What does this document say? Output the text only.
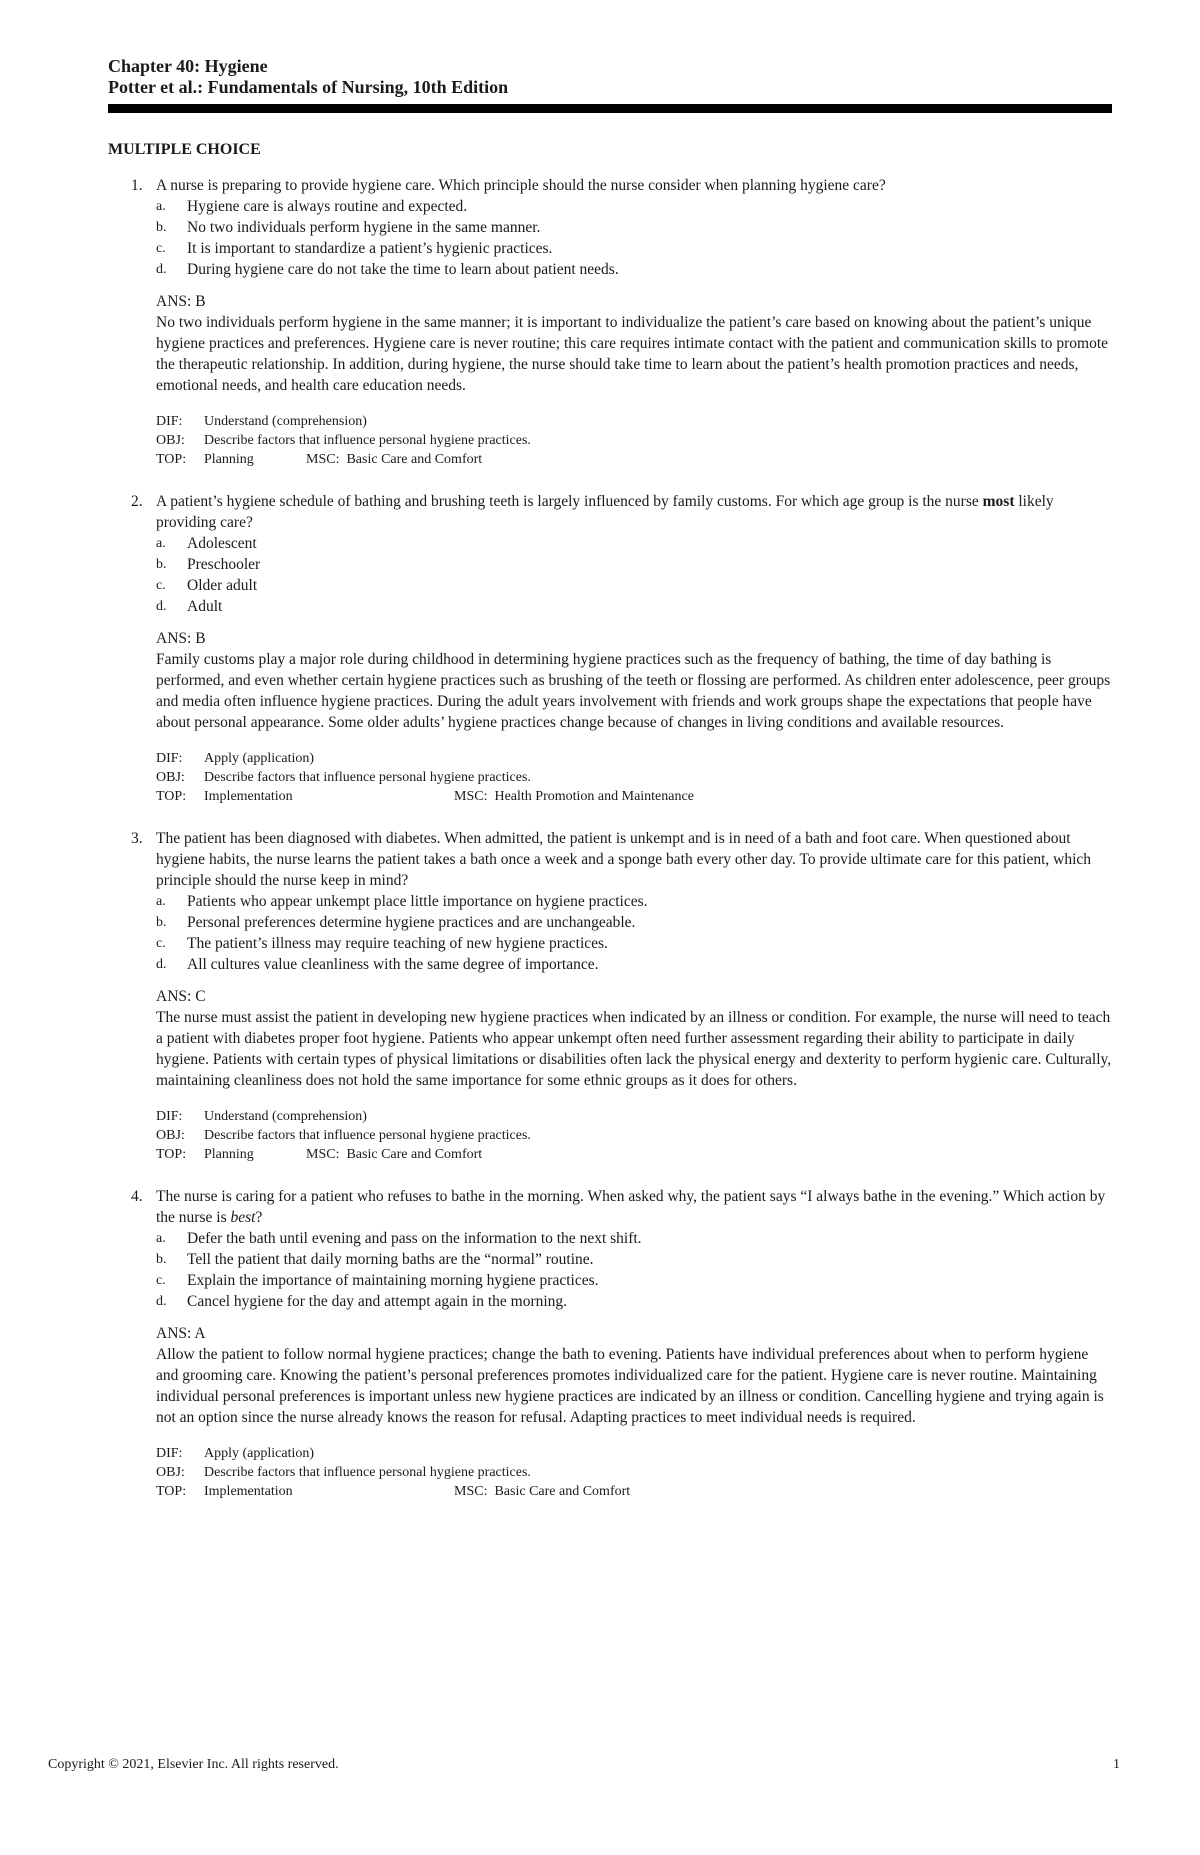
Chapter 40: Hygiene
Potter et al.: Fundamentals of Nursing, 10th Edition
MULTIPLE CHOICE
1. A nurse is preparing to provide hygiene care. Which principle should the nurse consider when planning hygiene care?

a. Hygiene care is always routine and expected.
b. No two individuals perform hygiene in the same manner.
c. It is important to standardize a patient’s hygienic practices.
d. During hygiene care do not take the time to learn about patient needs.
ANS: B

No two individuals perform hygiene in the same manner; it is important to individualize the patient’s care based on knowing about the patient’s unique hygiene practices and preferences. Hygiene care is never routine; this care requires intimate contact with the patient and communication skills to promote the therapeutic relationship. In addition, during hygiene, the nurse should take time to learn about the patient’s health promotion practices and needs, emotional needs, and health care education needs.

DIF: Understand (comprehension)
OBJ: Describe factors that influence personal hygiene practices.
TOP: Planning	MSC: Basic Care and Comfort
2. A patient’s hygiene schedule of bathing and brushing teeth is largely influenced by family customs. For which age group is the nurse most likely providing care?

a. Adolescent
b. Preschooler
c. Older adult
d. Adult
ANS: B

Family customs play a major role during childhood in determining hygiene practices such as the frequency of bathing, the time of day bathing is performed, and even whether certain hygiene practices such as brushing of the teeth or flossing are performed. As children enter adolescence, peer groups and media often influence hygiene practices. During the adult years involvement with friends and work groups shape the expectations that people have about personal appearance. Some older adults’ hygiene practices change because of changes in living conditions and available resources.

DIF: Apply (application)
OBJ: Describe factors that influence personal hygiene practices.
TOP: Implementation	MSC: Health Promotion and Maintenance
3. The patient has been diagnosed with diabetes. When admitted, the patient is unkempt and is in need of a bath and foot care. When questioned about hygiene habits, the nurse learns the patient takes a bath once a week and a sponge bath every other day. To provide ultimate care for this patient, which principle should the nurse keep in mind?

a. Patients who appear unkempt place little importance on hygiene practices.
b. Personal preferences determine hygiene practices and are unchangeable.
c. The patient’s illness may require teaching of new hygiene practices.
d. All cultures value cleanliness with the same degree of importance.
ANS: C

The nurse must assist the patient in developing new hygiene practices when indicated by an illness or condition. For example, the nurse will need to teach a patient with diabetes proper foot hygiene. Patients who appear unkempt often need further assessment regarding their ability to participate in daily hygiene. Patients with certain types of physical limitations or disabilities often lack the physical energy and dexterity to perform hygienic care. Culturally, maintaining cleanliness does not hold the same importance for some ethnic groups as it does for others.

DIF: Understand (comprehension)
OBJ: Describe factors that influence personal hygiene practices.
TOP: Planning	MSC: Basic Care and Comfort
4. The nurse is caring for a patient who refuses to bathe in the morning. When asked why, the patient says “I always bathe in the evening.” Which action by the nurse is best?

a. Defer the bath until evening and pass on the information to the next shift.
b. Tell the patient that daily morning baths are the “normal” routine.
c. Explain the importance of maintaining morning hygiene practices.
d. Cancel hygiene for the day and attempt again in the morning.
ANS: A

Allow the patient to follow normal hygiene practices; change the bath to evening. Patients have individual preferences about when to perform hygiene and grooming care. Knowing the patient’s personal preferences promotes individualized care for the patient. Hygiene care is never routine. Maintaining individual personal preferences is important unless new hygiene practices are indicated by an illness or condition. Cancelling hygiene and trying again is not an option since the nurse already knows the reason for refusal. Adapting practices to meet individual needs is required.

DIF: Apply (application)
OBJ: Describe factors that influence personal hygiene practices.
TOP: Implementation	MSC: Basic Care and Comfort
Copyright © 2021, Elsevier Inc. All rights reserved.	1
